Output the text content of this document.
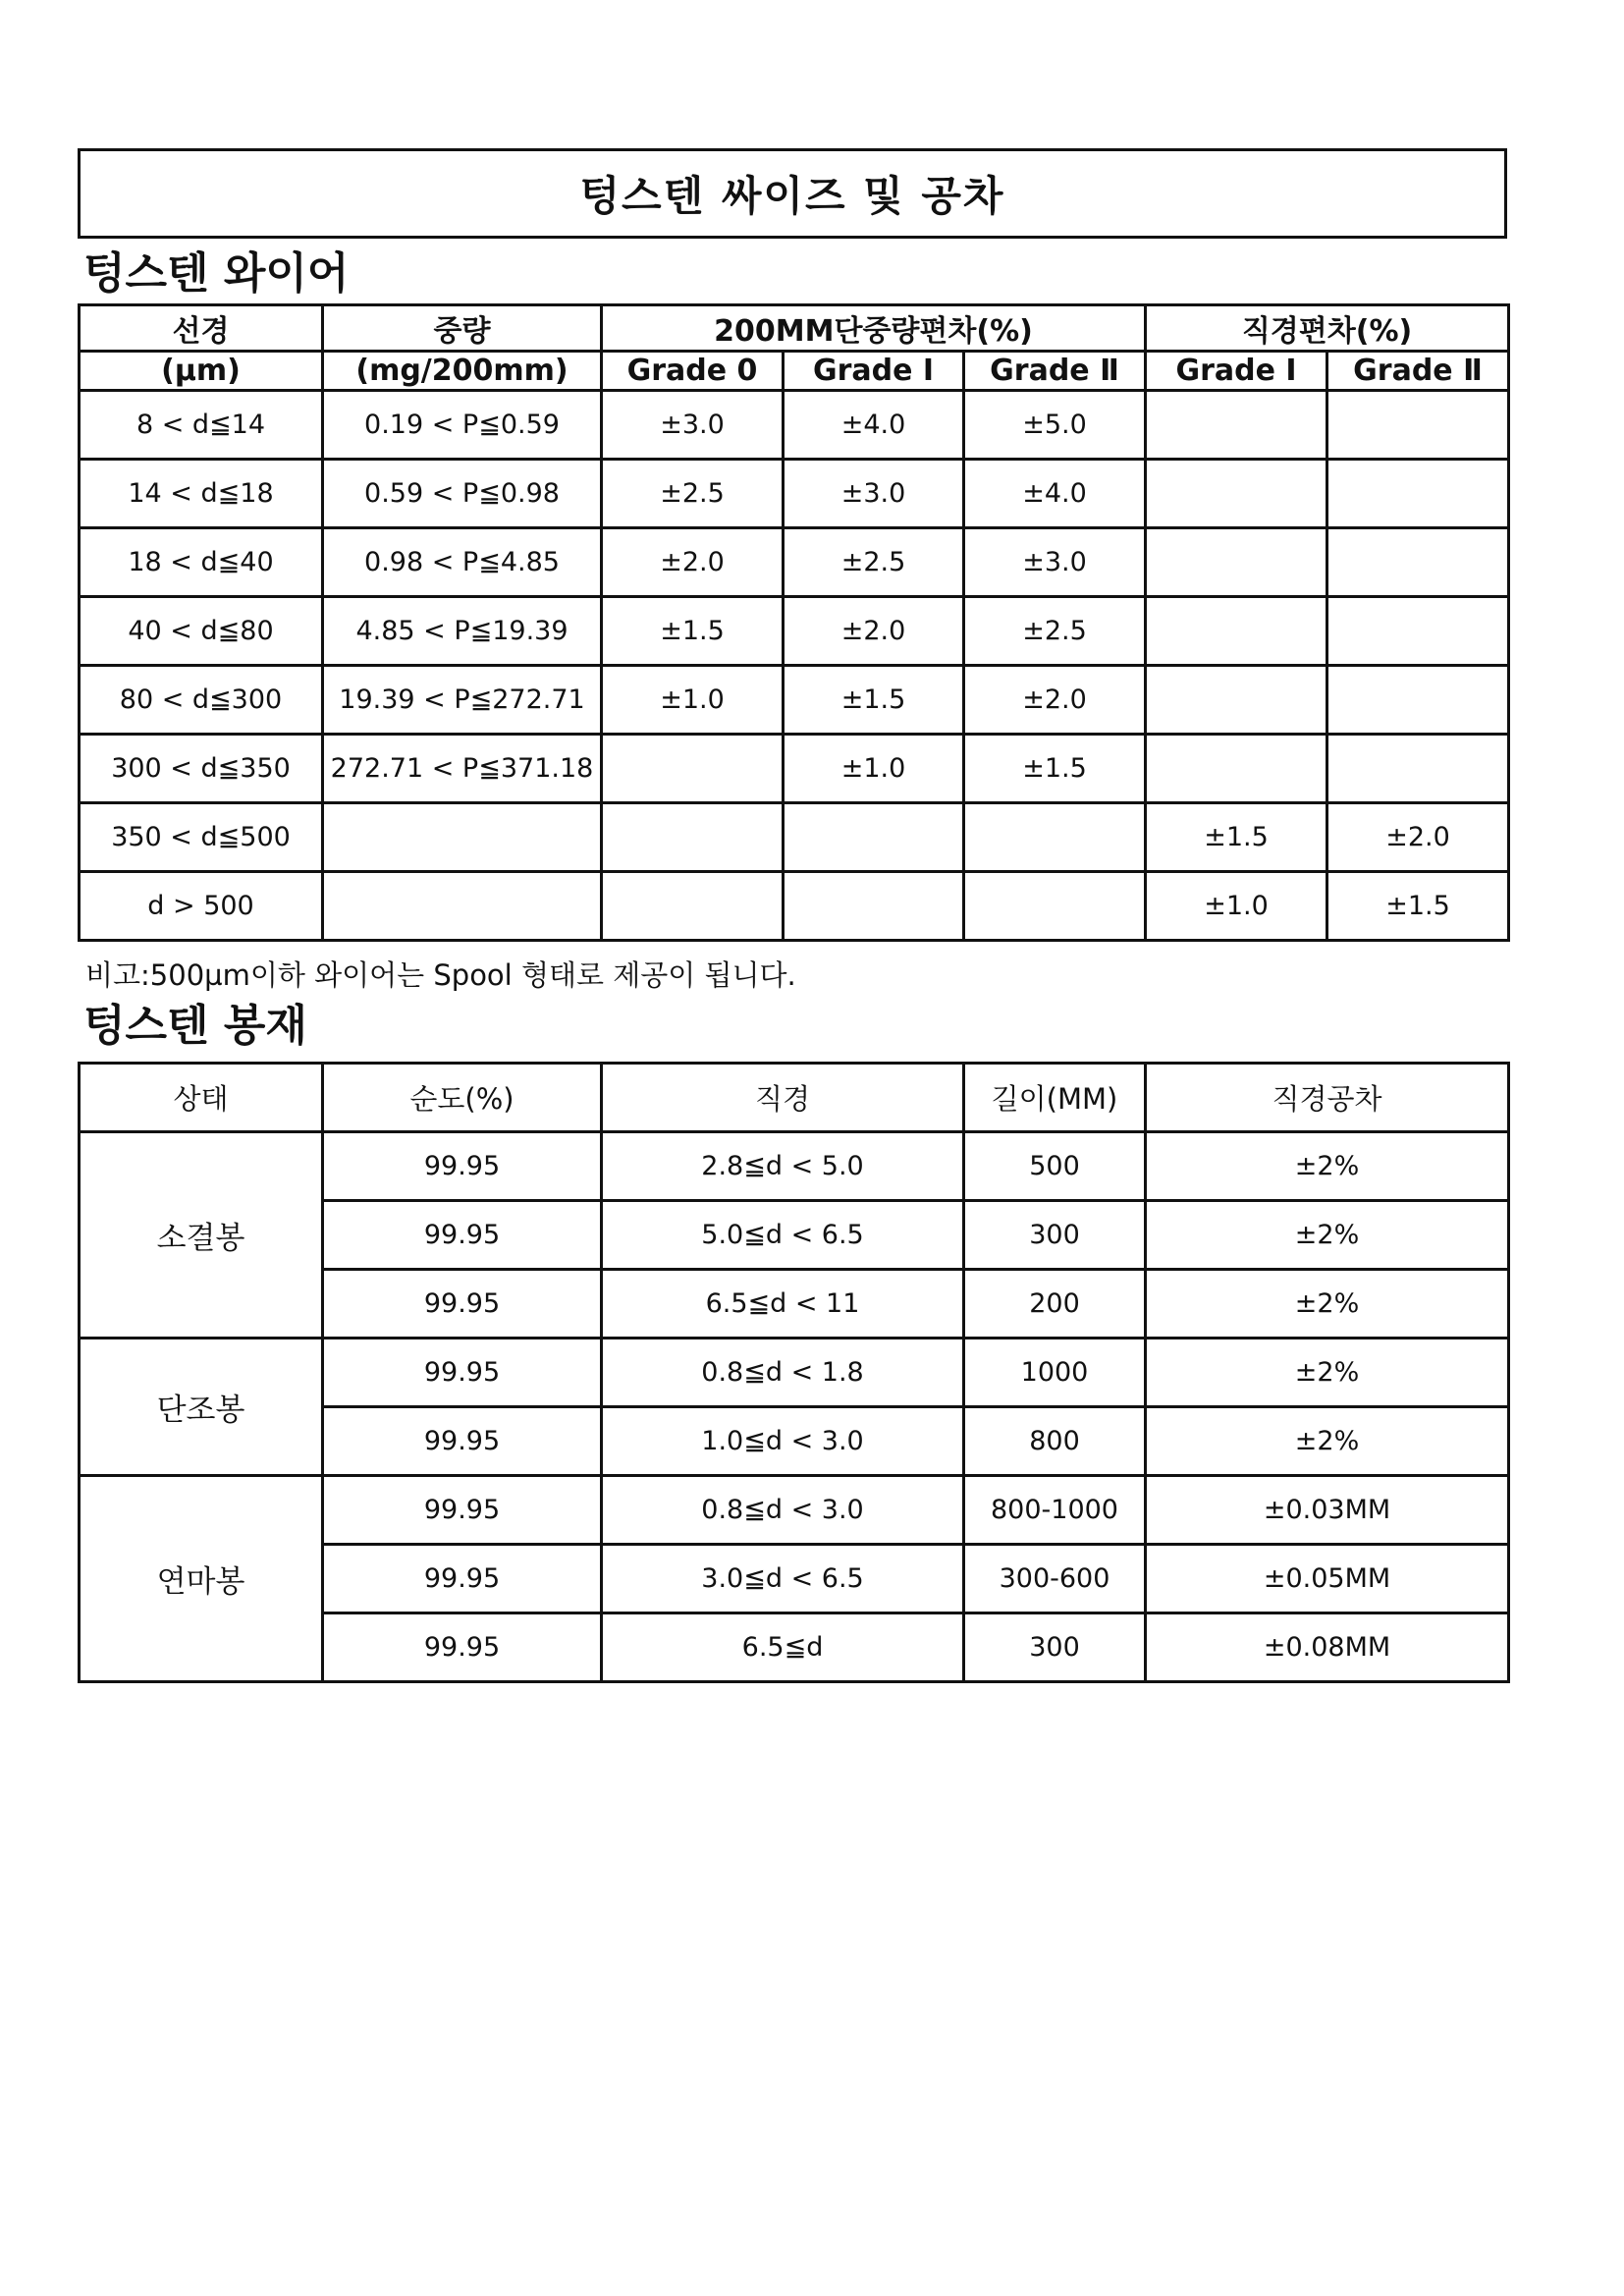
텅스텐 싸이즈 및 공차
텅스텐 와이어
선경	중량	200MM단중량편차(%)			직경편차(%)	
(µm)	(mg/200mm)	Grade 0	Grade Ⅰ	Grade Ⅱ	Grade Ⅰ	Grade Ⅱ
8 < d≦14	0.19 < P≦0.59	±3.0	±4.0	±5.0		
14 < d≦18	0.59 < P≦0.98	±2.5	±3.0	±4.0		
18 < d≦40	0.98 < P≦4.85	±2.0	±2.5	±3.0		
40 < d≦80	4.85 < P≦19.39	±1.5	±2.0	±2.5		
80 < d≦300	19.39 < P≦272.71	±1.0	±1.5	±2.0		
300 < d≦350	272.71 < P≦371.18		±1.0	±1.5		
350 < d≦500					±1.5	±2.0
d > 500					±1.0	±1.5
비고:500µm이하 와이어는 Spool 형태로 제공이 됩니다.
텅스텐 봉재
상태	순도(%)	직경	길이(MM)	직경공차
소결봉	99.95	2.8≦d < 5.0	500	±2%
	99.95	5.0≦d < 6.5	300	±2%
	99.95	6.5≦d < 11	200	±2%
단조봉	99.95	0.8≦d < 1.8	1000	±2%
	99.95	1.0≦d < 3.0	800	±2%
연마봉	99.95	0.8≦d < 3.0	800-1000	±0.03MM
	99.95	3.0≦d < 6.5	300-600	±0.05MM
	99.95	6.5≦d	300	±0.08MM
